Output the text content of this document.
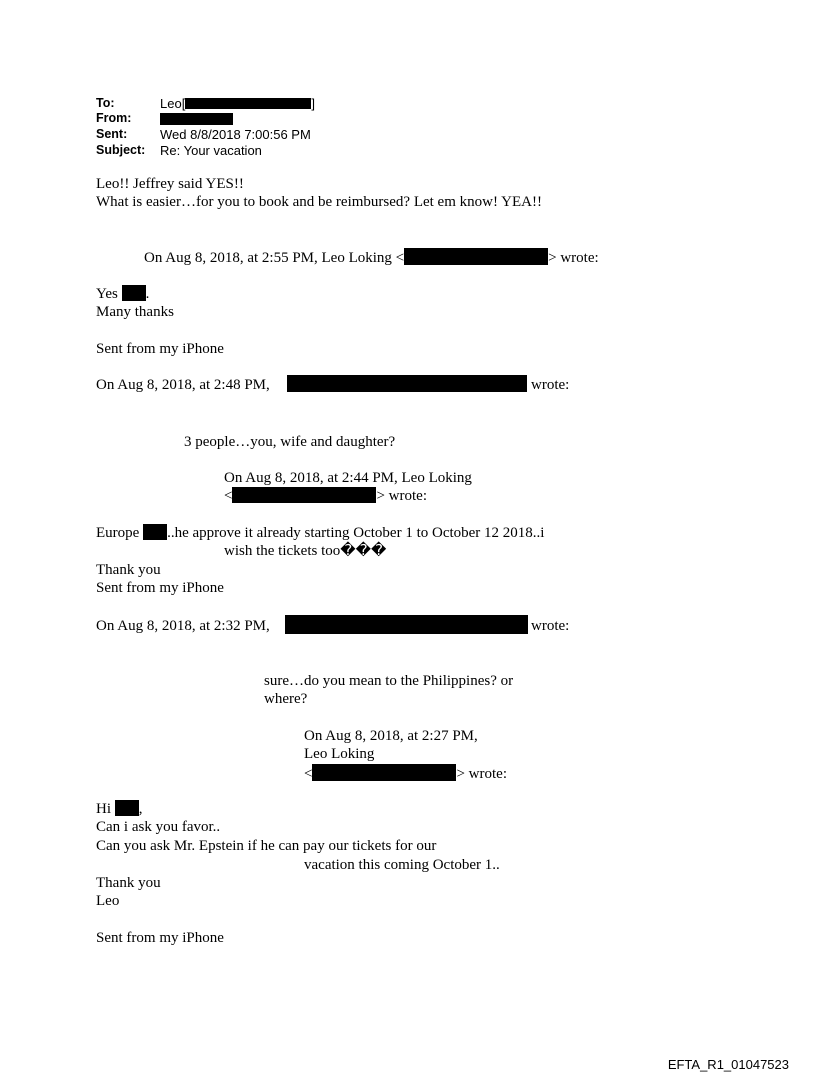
To:	Leo[	]
From:
Sent:	Wed 8/8/2018 7:00:56 PM
Subject: Re: Your vacation
Leo!! Jeffrey said YES!!
What is easier…for you to book and be reimbursed? Let em know! YEA!!
On Aug 8, 2018, at 2:55 PM, Leo Loking <	> wrote:
Yes .
Many thanks
Sent from my iPhone
On Aug 8, 2018, at 2:48 PM,	wrote:
3 people…you, wife and daughter?
On Aug 8, 2018, at 2:44 PM, Leo Loking
<	> wrote:
Europe ..he approve it already starting October 1 to October 12 2018..i
wish the tickets too���
Thank you
Sent from my iPhone
On Aug 8, 2018, at 2:32 PM,	wrote:
sure…do you mean to the Philippines? or
where?
On Aug 8, 2018, at 2:27 PM,
Leo Loking
<	> wrote:
Hi ,
Can i ask you favor..
Can you ask Mr. Epstein if he can pay our tickets for our
vacation this coming October 1..
Thank you
Leo
Sent from my iPhone
EFTA_R1_01047523
